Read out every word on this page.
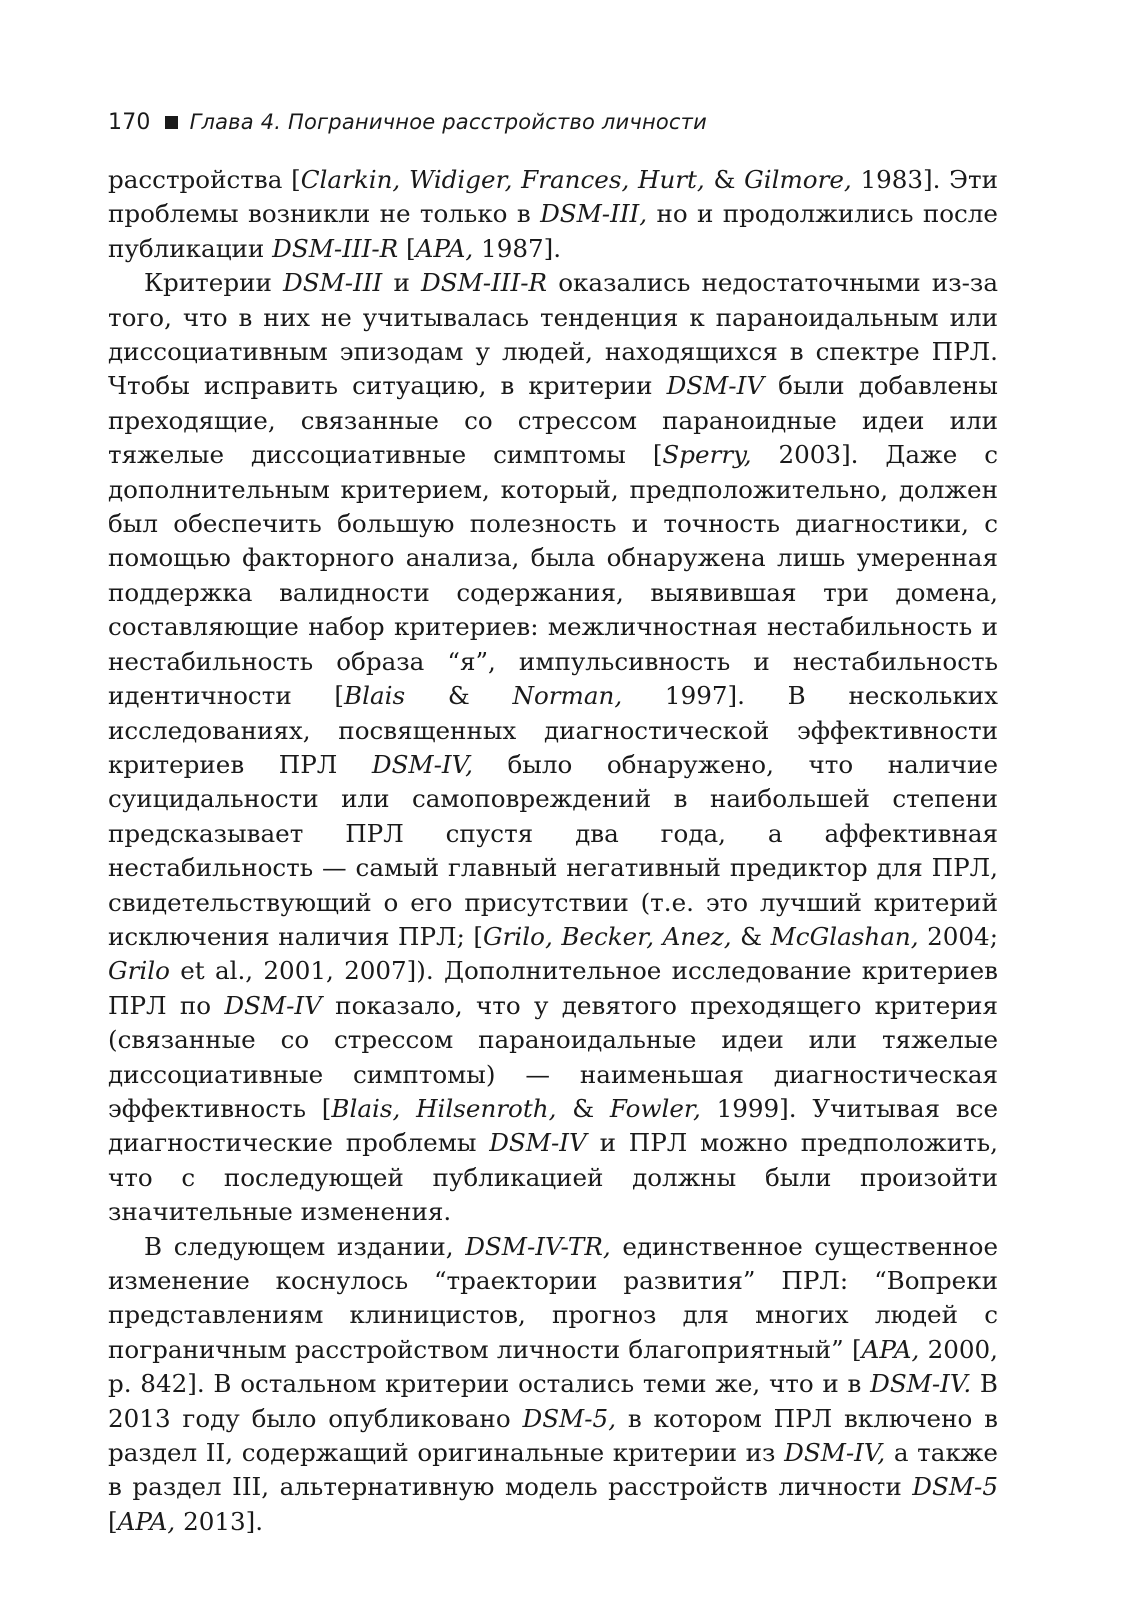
170 Глава 4. Пограничное расстройство личности

расстройства [Clarkin, Widiger, Frances, Hurt, & Gilmore, 1983]. Эти проблемы возникли не только в DSM-III, но и продолжились после публикации DSM-III-R [APA, 1987].

Критерии DSM-III и DSM-III-R оказались недостаточными из-за того, что в них не учитывалась тенденция к параноидальным или диссоциативным эпизодам у людей, находящихся в спектре ПРЛ. Чтобы исправить ситуацию, в критерии DSM-IV были добавлены преходящие, связанные со стрессом параноидные идеи или тяжелые диссоциативные симптомы [Sperry, 2003]. Даже с дополнительным критерием, который, предположительно, должен был обеспечить большую полезность и точность диагностики, с помощью факторного анализа, была обнаружена лишь умеренная поддержка валидности содержания, выявившая три домена, составляющие набор критериев: межличностная нестабильность и нестабильность образа “я”, импульсивность и нестабильность идентичности [Blais & Norman, 1997]. В нескольких исследованиях, посвященных диагностической эффективности критериев ПРЛ DSM-IV, было обнаружено, что наличие суицидальности или самоповреждений в наибольшей степени предсказывает ПРЛ спустя два года, а аффективная нестабильность — самый главный негативный предиктор для ПРЛ, свидетельствующий о его присутствии (т.е. это лучший критерий исключения наличия ПРЛ; [Grilo, Becker, Anez, & McGlashan, 2004; Grilo et al., 2001, 2007]). Дополнительное исследование критериев ПРЛ по DSM-IV показало, что у девятого преходящего критерия (связанные со стрессом параноидальные идеи или тяжелые диссоциативные симптомы) — наименьшая диагностическая эффективность [Blais, Hilsenroth, & Fowler, 1999]. Учитывая все диагностические проблемы DSM-IV и ПРЛ можно предположить, что с последующей публикацией должны были произойти значительные изменения.

В следующем издании, DSM-IV-TR, единственное существенное изменение коснулось “траектории развития” ПРЛ: “Вопреки представлениям клиницистов, прогноз для многих людей с пограничным расстройством личности благоприятный” [APA, 2000, p. 842]. В остальном критерии остались теми же, что и в DSM-IV. В 2013 году было опубликовано DSM-5, в котором ПРЛ включено в раздел II, содержащий оригинальные критерии из DSM-IV, а также в раздел III, альтернативную модель расстройств личности DSM-5 [APA, 2013].
